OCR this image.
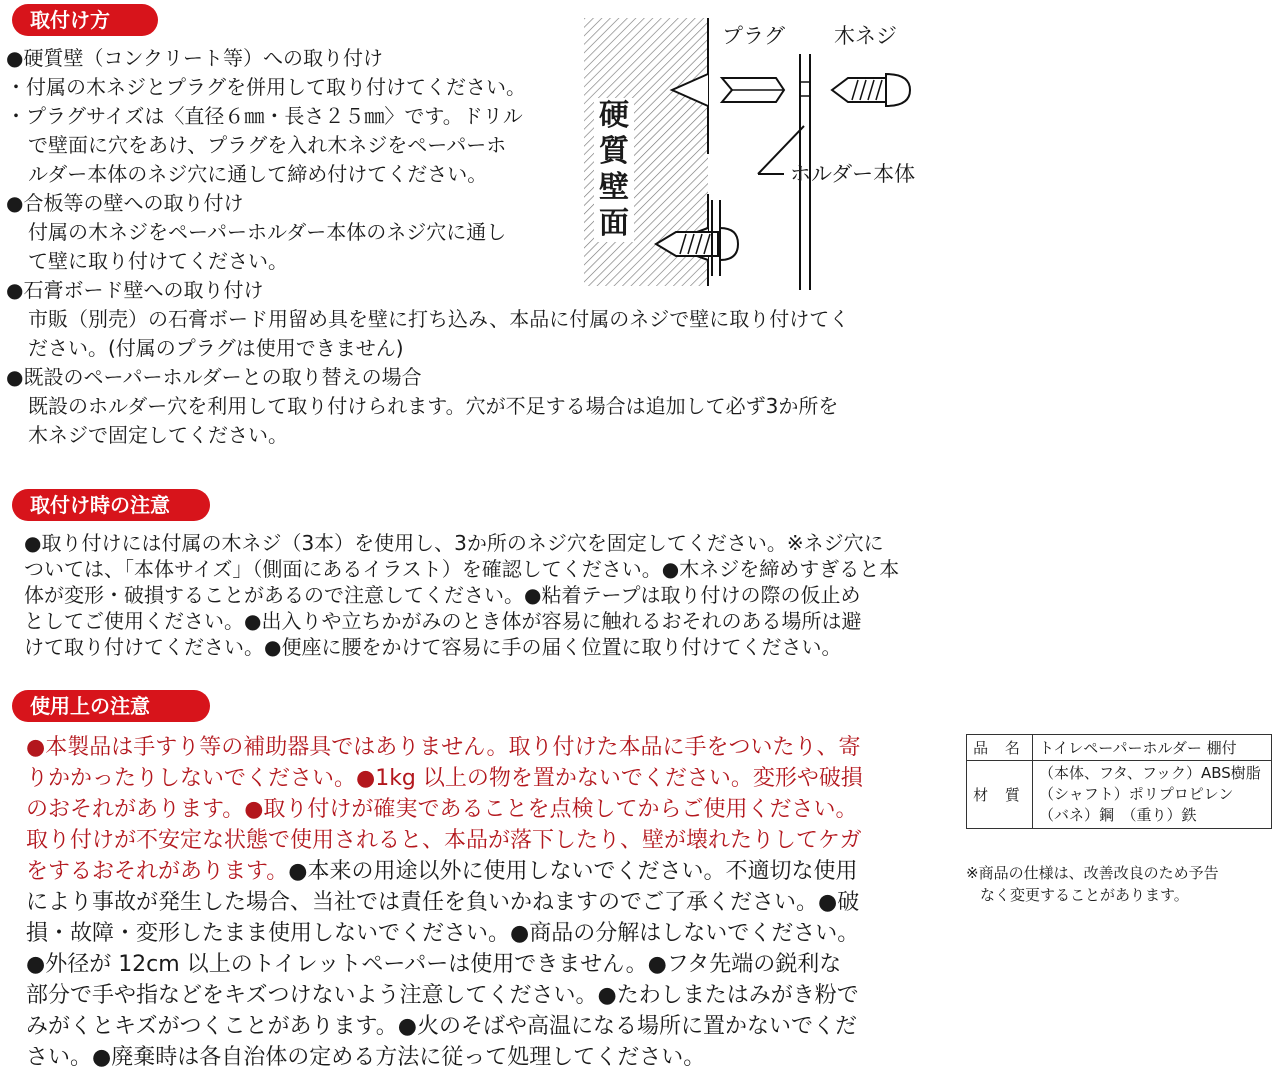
取付け方
取付け時の注意
使用上の注意
●硬質壁（コンクリート等）への取り付け
・付属の木ネジとプラグを併用して取り付けてください。
・プラグサイズは〈直径６㎜・長さ２５㎜〉です。ドリル
で壁面に穴をあけ、プラグを入れ木ネジをペーパーホ
ルダー本体のネジ穴に通して締め付けてください。
●合板等の壁への取り付け
付属の木ネジをペーパーホルダー本体のネジ穴に通し
て壁に取り付けてください。
●石膏ボード壁への取り付け
市販（別売）の石膏ボード用留め具を壁に打ち込み、本品に付属のネジで壁に取り付けてく
ださい。(付属のプラグは使用できません)
●既設のペーパーホルダーとの取り替えの場合
既設のホルダー穴を利用して取り付けられます。穴が不足する場合は追加して必ず3か所を
木ネジで固定してください。
プラグ 木ネジ
ホルダー本体
硬質壁面
●取り付けには付属の木ネジ（3本）を使用し、3か所のネジ穴を固定してください。※ネジ穴に
ついては、「本体サイズ」（側面にあるイラスト）を確認してください。●木ネジを締めすぎると本
体が変形・破損することがあるので注意してください。●粘着テープは取り付けの際の仮止め
としてご使用ください。●出入りや立ちかがみのとき体が容易に触れるおそれのある場所は避
けて取り付けてください。●便座に腰をかけて容易に手の届く位置に取り付けてください。
●本製品は手すり等の補助器具ではありません。取り付けた本品に手をついたり、寄
りかかったりしないでください。●1kg 以上の物を置かないでください。変形や破損
のおそれがあります。●取り付けが確実であることを点検してからご使用ください。
取り付けが不安定な状態で使用されると、本品が落下したり、壁が壊れたりしてケガ
をするおそれがあります。●本来の用途以外に使用しないでください。不適切な使用
により事故が発生した場合、当社では責任を負いかねますのでご了承ください。●破
損・故障・変形したまま使用しないでください。●商品の分解はしないでください。
●外径が 12cm 以上のトイレットペーパーは使用できません。●フタ先端の鋭利な
部分で手や指などをキズつけないよう注意してください。●たわしまたはみがき粉で
みがくとキズがつくことがあります。●火のそばや高温になる場所に置かないでくだ
さい。●廃棄時は各自治体の定める方法に従って処理してください。
品 名	トイレペーパーホルダー 棚付
材 質	（本体、フタ、フック）ABS樹脂
（シャフト）ポリプロピレン
（バネ）鋼　（重り）鉄
※商品の仕様は、改善改良のため予告
なく変更することがあります。
